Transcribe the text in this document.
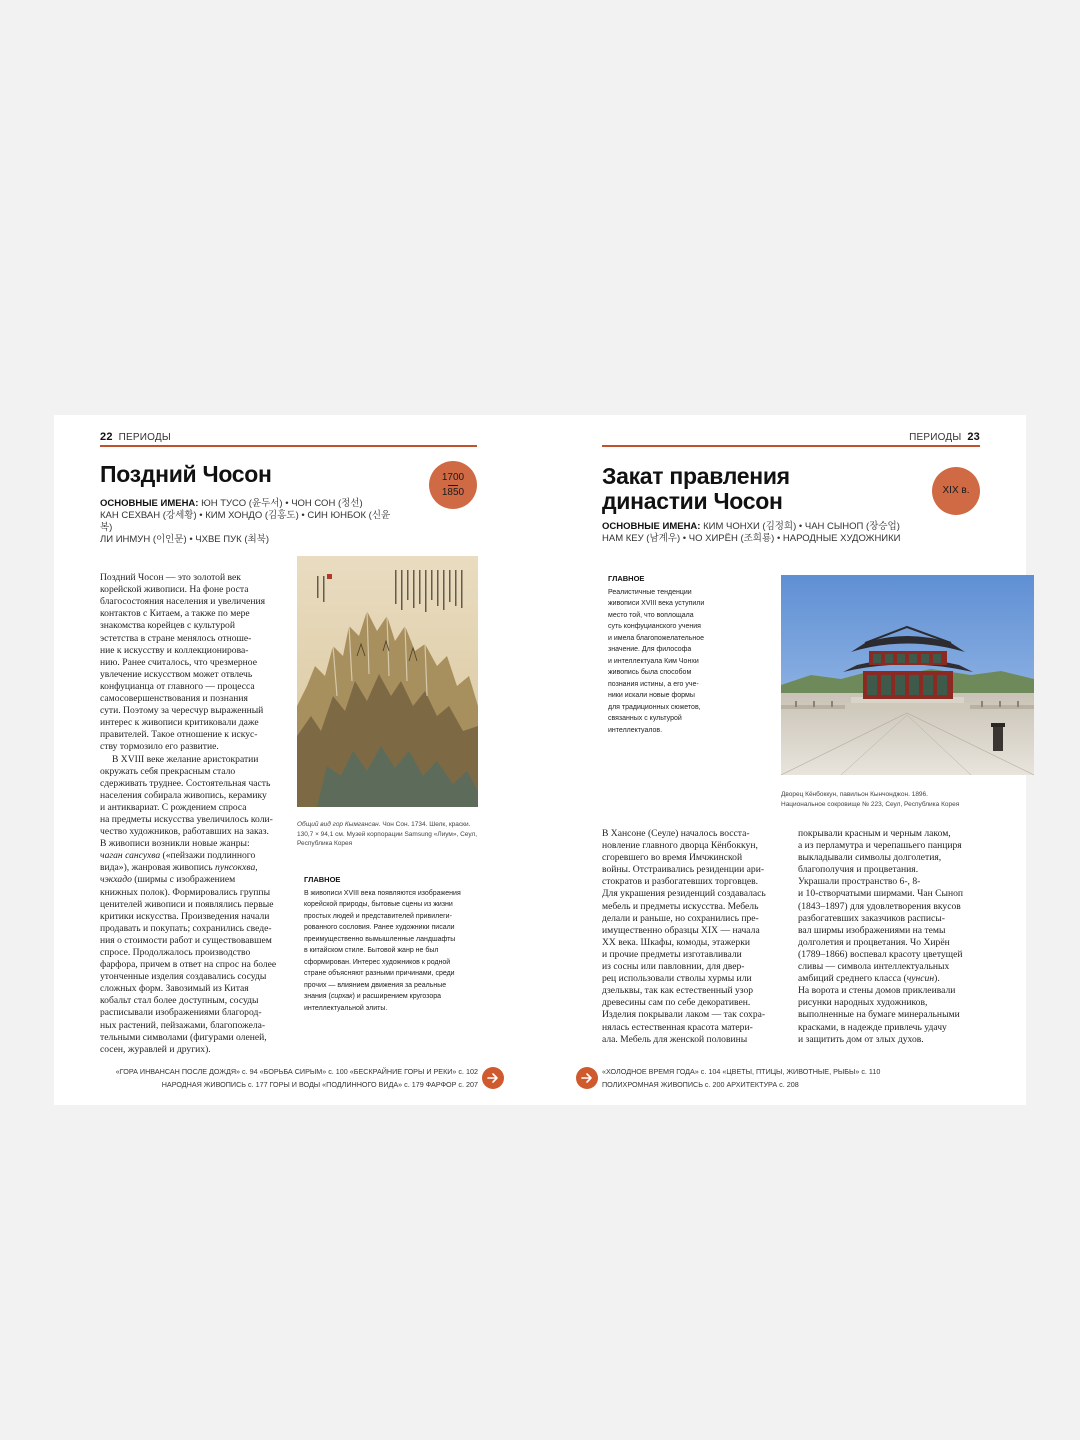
22 ПЕРИОДЫ
Поздний Чосон	1700
1850
ОСНОВНЫЕ ИМЕНА: ЮН ТУСО (윤두서) • ЧОН СОН (정선)
КАН СЕХВАН (강세황) • КИМ ХОНДО (김홍도) • СИН ЮНБОК (신윤복)
ЛИ ИНМУН (이인문) • ЧХВЕ ПУК (최북)

Поздний Чосон — это золотой век
корейской живописи. На фоне роста
благосостояния населения и увеличения
контактов с Китаем, а также по мере
знакомства корейцев с культурой
эстетства в стране менялось отноше-
ние к искусству и коллекционирова-
нию. Ранее считалось, что чрезмерное
увлечение искусством может отвлечь
конфуцианца от главного — процесса
самосовершенствования и познания
сути. Поэтому за чересчур выраженный
интерес к живописи критиковали даже
правителей. Такое отношение к искус-
ству тормозило его развитие.

В XVIII веке желание аристократии
окружать себя прекрасным стало
сдерживать труднее. Состоятельная часть
населения собирала живопись, керамику
и антиквариат. С рождением спроса
на предметы искусства увеличилось коли-
чество художников, работавших на заказ.
В живописи возникли новые жанры:
чаган сансухва («пейзажи подлинного
вида»), жанровая живопись пунсокхва,
чэкхадо (ширмы с изображением
книжных полок). Формировались группы
ценителей живописи и появлялись первые
критики искусства. Произведения начали
продавать и покупать; сохранились сведе-
ния о стоимости работ и существовавшем
спросе. Продолжалось производство
фарфора, причем в ответ на спрос на более
утонченные изделия создавались сосуды
сложных форм. Завозимый из Китая
кобальт стал более доступным, сосуды
расписывали изображениями благород-
ных растений, пейзажами, благопожела-
тельными символами (фигурами оленей,
сосен, журавлей и других).

Общий вид гор Кымгансан. Чон Сон. 1734. Шелк, краски.
130,7 × 94,1 см. Музей корпорации Samsung «Лиум», Сеул,
Республика Корея
ГЛАВНОЕ
В живописи XVIII века появляются изображения
корейской природы, бытовые сцены из жизни
простых людей и представителей привилеги-
рованного сословия. Ранее художники писали
преимущественно вымышленные ландшафты
в китайском стиле. Бытовой жанр не был
сформирован. Интерес художников к родной
стране объясняют разными причинами, среди
прочих — влиянием движения за реальные
знания (сирхак) и расширением кругозора
интеллектуальной элиты.
«ГОРА ИНВАНСАН ПОСЛЕ ДОЖДЯ» с. 94 «БОРЬБА СИРЫМ» с. 100 «БЕСКРАЙНИЕ ГОРЫ И РЕКИ» с. 102
НАРОДНАЯ ЖИВОПИСЬ с. 177 ГОРЫ И ВОДЫ «ПОДЛИННОГО ВИДА» с. 179 ФАРФОР с. 207
ПЕРИОДЫ 23
Закат правления
династии Чосон	XIX в.
ОСНОВНЫЕ ИМЕНА: КИМ ЧОНХИ (김정희) • ЧАН СЫНОП (장승업)
НАМ КЕУ (남계우) • ЧО ХИРЁН (조희룡) • НАРОДНЫЕ ХУДОЖНИКИ
ГЛАВНОЕ
Реалистичные тенденции
живописи XVIII века уступили
место той, что воплощала
суть конфуцианского учения
и имела благопожелательное
значение. Для философа
и интеллектуала Ким Чонхи
живопись была способом
познания истины, а его уче-
ники искали новые формы
для традиционных сюжетов,
связанных с культурой
интеллектуалов.
Дворец Кёнбоккун, павильон Кынчонджон. 1896.
Национальное сокровище № 223, Сеул, Республика Корея
В Хансоне (Сеуле) началось восста-
новление главного дворца Кёнбоккун,
сгоревшего во время Имчжинской
войны. Отстраивались резиденции ари-
стократов и разбогатевших торговцев.
Для украшения резиденций создавалась
мебель и предметы искусства. Мебель
делали и раньше, но сохранились пре-
имущественно образцы XIX — начала
XX века. Шкафы, комоды, этажерки
и прочие предметы изготавливали
из сосны или павловнии, для двер-
рец использовали стволы хурмы или
дзельквы, так как естественный узор
древесины сам по себе декоративен.
Изделия покрывали лаком — так сохра-
нялась естественная красота матери-
ала. Мебель для женской половины
покрывали красным и черным лаком,
а из перламутра и черепашьего панциря
выкладывали символы долголетия,
благополучия и процветания.
Украшали пространство 6-, 8-
и 10-створчатыми ширмами. Чан Сыноп
(1843–1897) для удовлетворения вкусов
разбогатевших заказчиков расписы-
вал ширмы изображениями на темы
долголетия и процветания. Чо Хирён
(1789–1866) воспевал красоту цветущей
сливы — символа интеллектуальных
амбиций среднего класса (чунсин).
На ворота и стены домов приклеивали
рисунки народных художников,
выполненные на бумаге минеральными
красками, в надежде привлечь удачу
и защитить дом от злых духов.
«ХОЛОДНОЕ ВРЕМЯ ГОДА» с. 104 «ЦВЕТЫ, ПТИЦЫ, ЖИВОТНЫЕ, РЫБЫ» с. 110
ПОЛИХРОМНАЯ ЖИВОПИСЬ с. 200 АРХИТЕКТУРА с. 208
